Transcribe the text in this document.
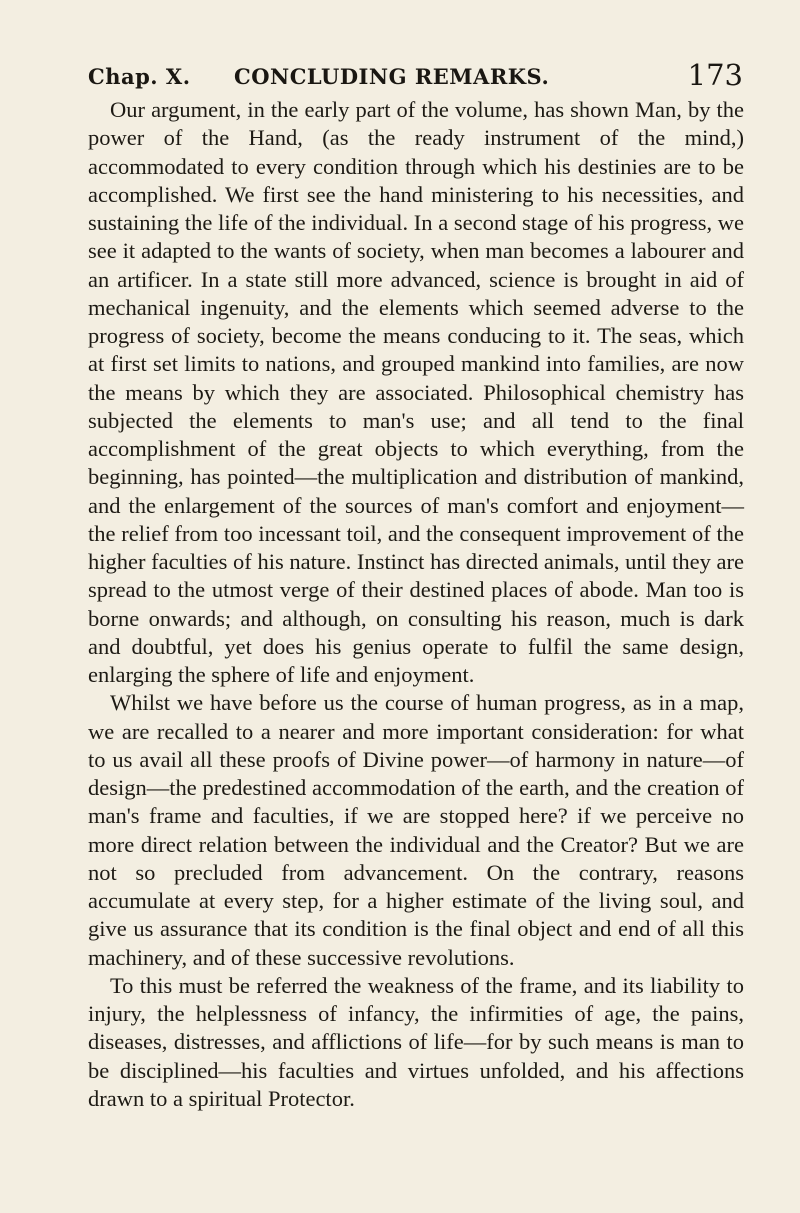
Chap. X. CONCLUDING REMARKS.	173

Our argument, in the early part of the volume, has shown Man, by the power of the Hand, (as the ready instrument of the mind,) accommodated to every condition through which his destinies are to be accomplished. We first see the hand ministering to his necessities, and sustaining the life of the individual. In a second stage of his progress, we see it adapted to the wants of society, when man becomes a labourer and an artificer. In a state still more advanced, science is brought in aid of mechanical ingenuity, and the elements which seemed adverse to the progress of society, become the means conducing to it. The seas, which at first set limits to nations, and grouped mankind into families, are now the means by which they are associated. Philosophical chemistry has subjected the elements to man's use; and all tend to the final accomplishment of the great objects to which everything, from the beginning, has pointed—the multiplication and distribution of mankind, and the enlargement of the sources of man's comfort and enjoyment—the relief from too incessant toil, and the consequent improvement of the higher faculties of his nature. Instinct has directed animals, until they are spread to the utmost verge of their destined places of abode. Man too is borne onwards; and although, on consulting his reason, much is dark and doubtful, yet does his genius operate to fulfil the same design, enlarging the sphere of life and enjoyment.

Whilst we have before us the course of human progress, as in a map, we are recalled to a nearer and more important consideration: for what to us avail all these proofs of Divine power—of harmony in nature—of design—the predestined accommodation of the earth, and the creation of man's frame and faculties, if we are stopped here? if we perceive no more direct relation between the individual and the Creator? But we are not so precluded from advancement. On the contrary, reasons accumulate at every step, for a higher estimate of the living soul, and give us assurance that its condition is the final object and end of all this machinery, and of these successive revolutions.

To this must be referred the weakness of the frame, and its liability to injury, the helplessness of infancy, the infirmities of age, the pains, diseases, distresses, and afflictions of life—for by such means is man to be disciplined—his faculties and virtues unfolded, and his affections drawn to a spiritual Protector.
